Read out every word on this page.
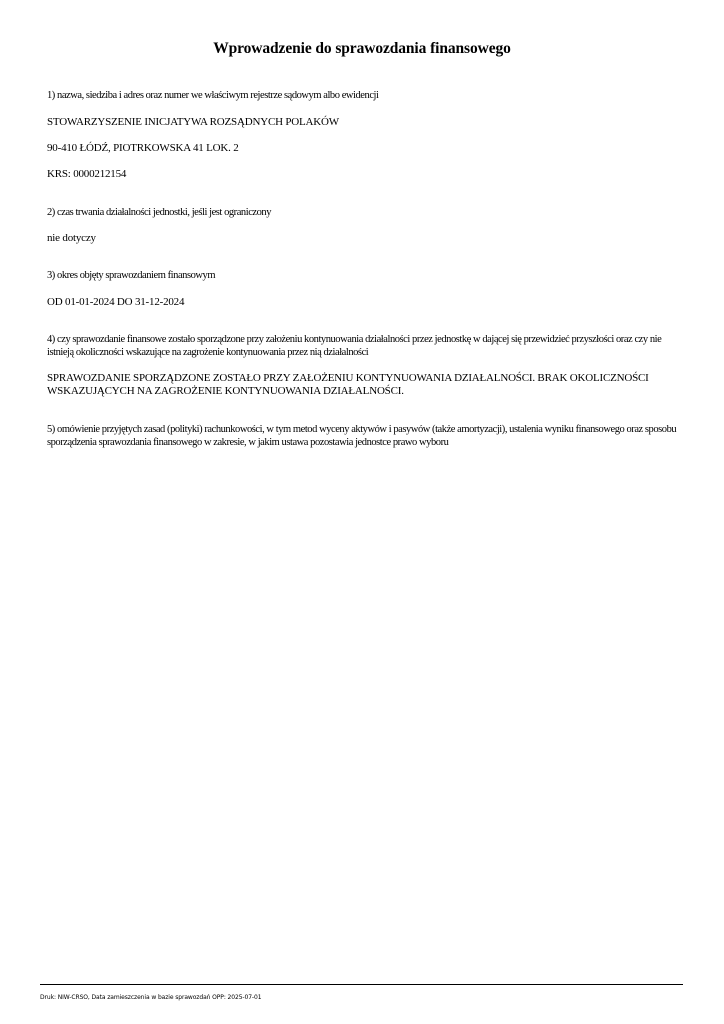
Wprowadzenie do sprawozdania finansowego

1) nazwa, siedziba i adres oraz numer we właściwym rejestrze sądowym albo ewidencji

STOWARZYSZENIE INICJATYWA ROZSĄDNYCH POLAKÓW

90-410 ŁÓDŹ, PIOTRKOWSKA 41 LOK. 2

KRS: 0000212154

2) czas trwania działalności jednostki, jeśli jest ograniczony

nie dotyczy

3) okres objęty sprawozdaniem finansowym

OD 01-01-2024 DO 31-12-2024

4) czy sprawozdanie finansowe zostało sporządzone przy założeniu kontynuowania działalności przez jednostkę w dającej się przewidzieć przyszłości oraz czy nie istnieją okoliczności wskazujące na zagrożenie kontynuowania przez nią działalności

SPRAWOZDANIE SPORZĄDZONE ZOSTAŁO PRZY ZAŁOŻENIU KONTYNUOWANIA DZIAŁALNOŚCI. BRAK OKOLICZNOŚCI WSKAZUJĄCYCH NA ZAGROŻENIE KONTYNUOWANIA DZIAŁALNOŚCI.

5) omówienie przyjętych zasad (polityki) rachunkowości, w tym metod wyceny aktywów i pasywów (także amortyzacji), ustalenia wyniku finansowego oraz sposobu sporządzenia sprawozdania finansowego w zakresie, w jakim ustawa pozostawia jednostce prawo wyboru

Druk: NIW-CRSO, Data zamieszczenia w bazie sprawozdań OPP: 2025-07-01
